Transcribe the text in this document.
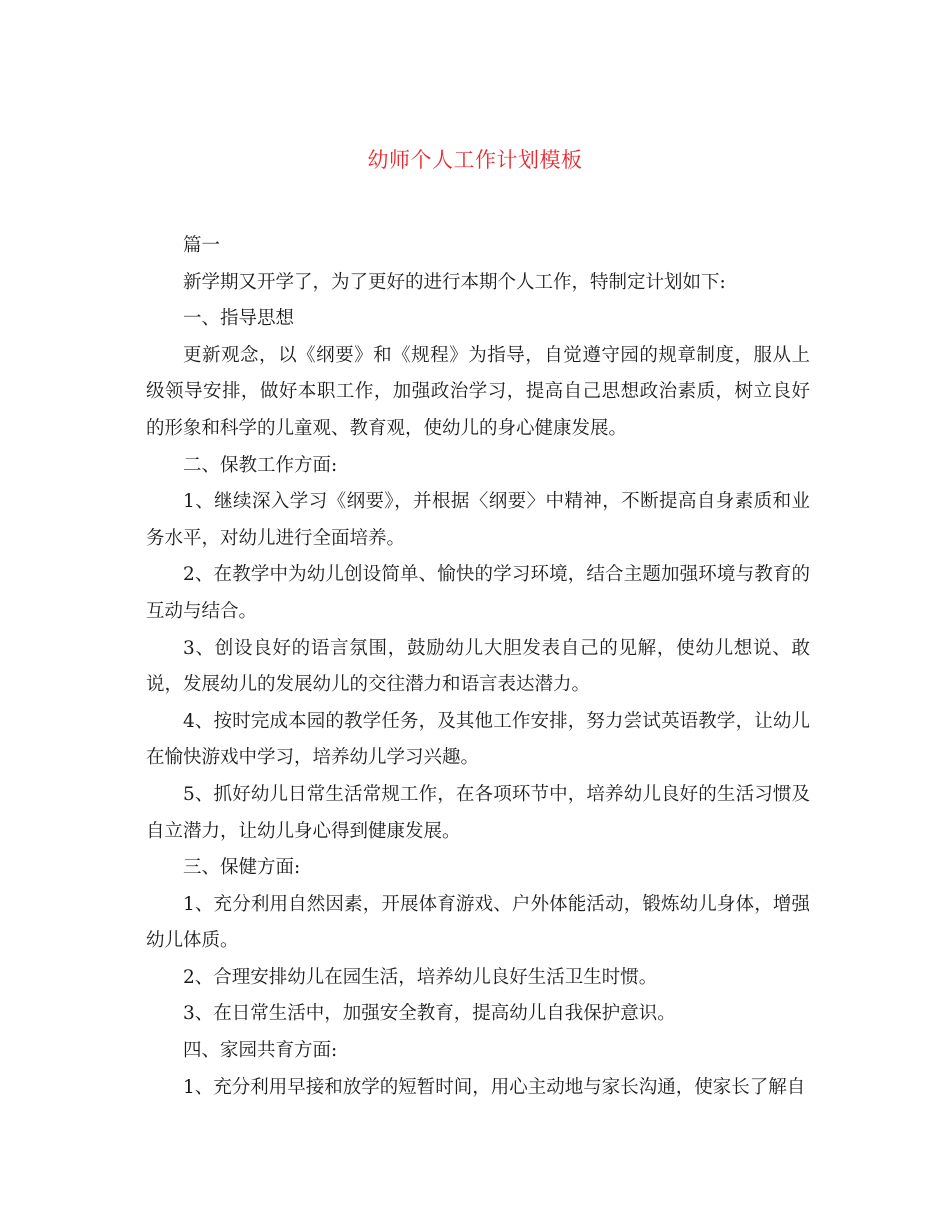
幼师个人工作计划模板

篇一

新学期又开学了，为了更好的进行本期个人工作，特制定计划如下:

一、指导思想

更新观念，以《纲要》和《规程》为指导，自觉遵守园的规章制度，服从上级领导安排，做好本职工作，加强政治学习，提高自己思想政治素质，树立良好的形象和科学的儿童观、教育观，使幼儿的身心健康发展。

二、保教工作方面:

1、继续深入学习《纲要》，并根据〈纲要〉中精神，不断提高自身素质和业务水平，对幼儿进行全面培养。

2、在教学中为幼儿创设简单、愉快的学习环境，结合主题加强环境与教育的互动与结合。

3、创设良好的语言氛围，鼓励幼儿大胆发表自己的见解，使幼儿想说、敢说，发展幼儿的发展幼儿的交往潜力和语言表达潜力。

4、按时完成本园的教学任务，及其他工作安排，努力尝试英语教学，让幼儿在愉快游戏中学习，培养幼儿学习兴趣。

5、抓好幼儿日常生活常规工作，在各项环节中，培养幼儿良好的生活习惯及自立潜力，让幼儿身心得到健康发展。

三、保健方面:

1、充分利用自然因素，开展体育游戏、户外体能活动，锻炼幼儿身体，增强幼儿体质。

2、合理安排幼儿在园生活，培养幼儿良好生活卫生时惯。

3、在日常生活中，加强安全教育，提高幼儿自我保护意识。

四、家园共育方面:

1、充分利用早接和放学的短暂时间，用心主动地与家长沟通，使家长了解自
